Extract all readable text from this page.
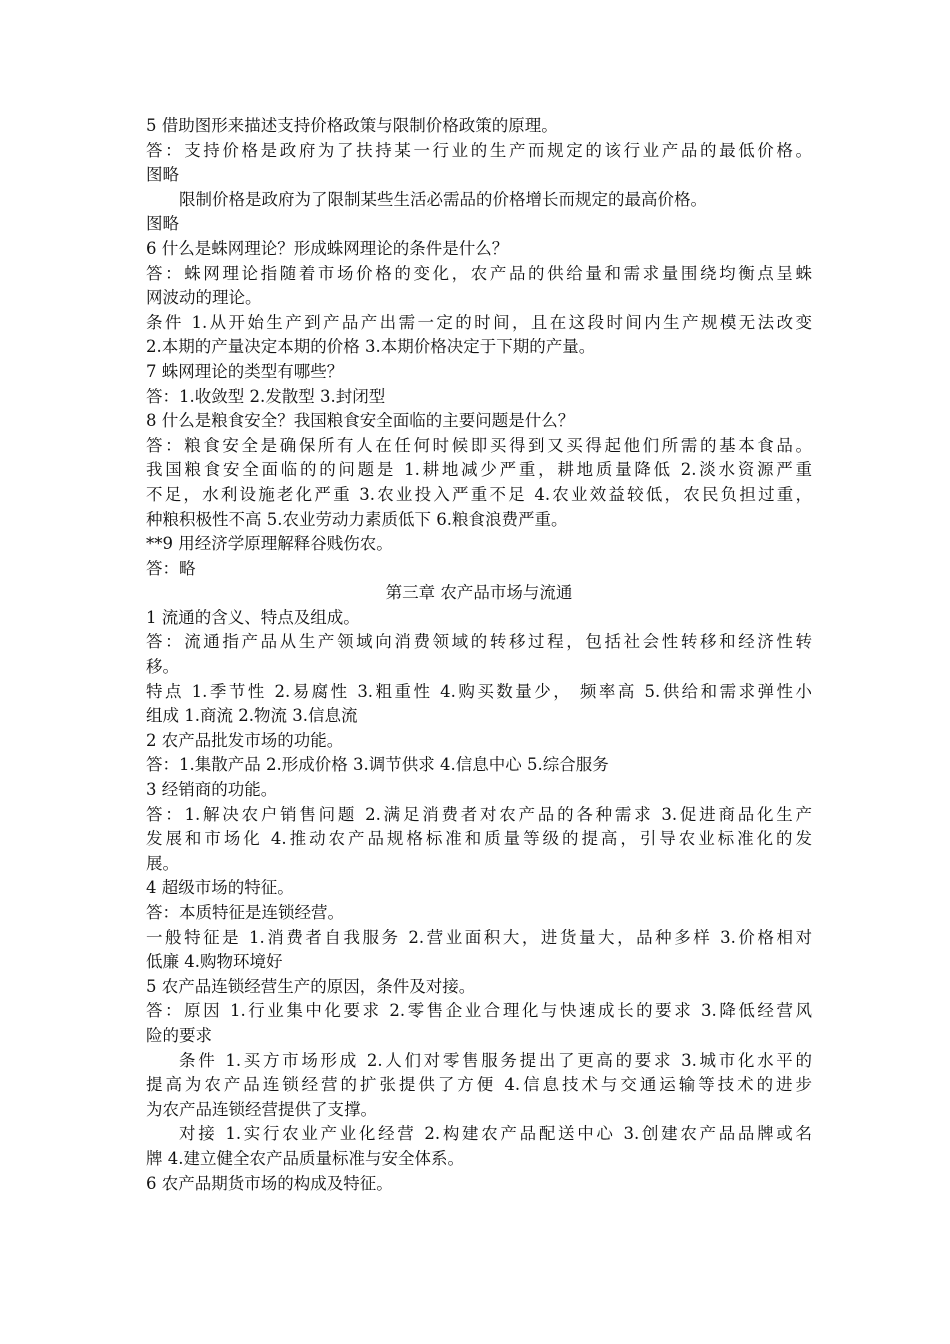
5 借助图形来描述支持价格政策与限制价格政策的原理。
答：支持价格是政府为了扶持某一行业的生产而规定的该行业产品的最低价格。
图略
限制价格是政府为了限制某些生活必需品的价格增长而规定的最高价格。
图略
6 什么是蛛网理论？形成蛛网理论的条件是什么？
答：蛛网理论指随着市场价格的变化，农产品的供给量和需求量围绕均衡点呈蛛
网波动的理论。
条件 1.从开始生产到产品产出需一定的时间，且在这段时间内生产规模无法改变
2.本期的产量决定本期的价格 3.本期价格决定于下期的产量。
7 蛛网理论的类型有哪些？
答：1.收敛型 2.发散型 3.封闭型
8 什么是粮食安全？我国粮食安全面临的主要问题是什么？
答：粮食安全是确保所有人在任何时候即买得到又买得起他们所需的基本食品。
我国粮食安全面临的的问题是 1.耕地减少严重，耕地质量降低 2.淡水资源严重
不足，水利设施老化严重 3.农业投入严重不足 4.农业效益较低，农民负担过重，
种粮积极性不高 5.农业劳动力素质低下 6.粮食浪费严重。
**9 用经济学原理解释谷贱伤农。
答：略
第三章 农产品市场与流通
1 流通的含义、特点及组成。
答：流通指产品从生产领域向消费领域的转移过程，包括社会性转移和经济性转
移。
特点 1.季节性 2.易腐性 3.粗重性 4.购买数量少， 频率高 5.供给和需求弹性小
组成 1.商流 2.物流 3.信息流
2 农产品批发市场的功能。
答：1.集散产品 2.形成价格 3.调节供求 4.信息中心 5.综合服务
3 经销商的功能。
答：1.解决农户销售问题 2.满足消费者对农产品的各种需求 3.促进商品化生产
发展和市场化 4.推动农产品规格标准和质量等级的提高，引导农业标准化的发
展。
4 超级市场的特征。
答：本质特征是连锁经营。
一般特征是 1.消费者自我服务 2.营业面积大，进货量大，品种多样 3.价格相对
低廉 4.购物环境好
5 农产品连锁经营生产的原因，条件及对接。
答：原因 1.行业集中化要求 2.零售企业合理化与快速成长的要求 3.降低经营风
险的要求
条件 1.买方市场形成 2.人们对零售服务提出了更高的要求 3.城市化水平的
提高为农产品连锁经营的扩张提供了方便 4.信息技术与交通运输等技术的进步
为农产品连锁经营提供了支撑。
对接 1.实行农业产业化经营 2.构建农产品配送中心 3.创建农产品品牌或名
牌 4.建立健全农产品质量标准与安全体系。
6 农产品期货市场的构成及特征。
